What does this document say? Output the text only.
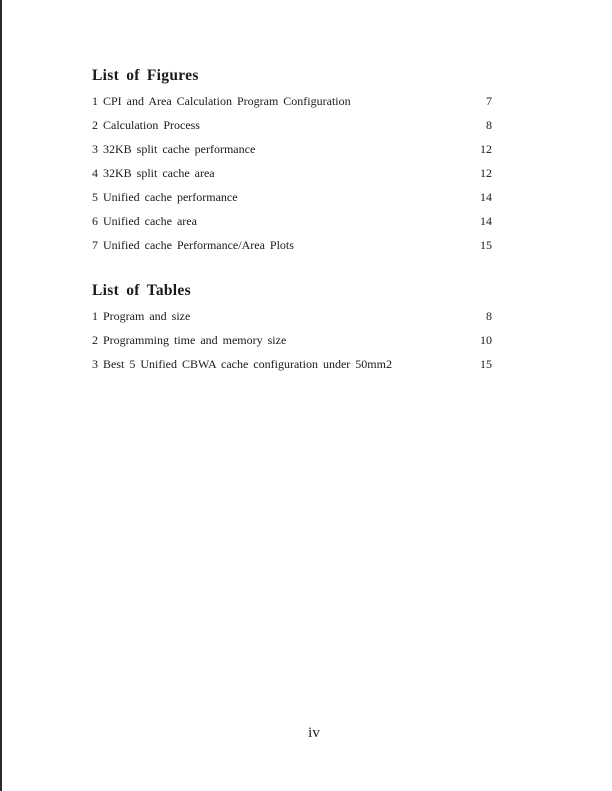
List of Figures
1 CPI and Area Calculation Program Configuration	7
2 Calculation Process	8
3 32KB split cache performance	12
4 32KB split cache area	12
5 Unified cache performance	14
6 Unified cache area	14
7 Unified cache Performance/Area Plots	15
List of Tables
1 Program and size	8
2 Programming time and memory size	10
3 Best 5 Unified CBWA cache configuration under 50mm2	15
iv
